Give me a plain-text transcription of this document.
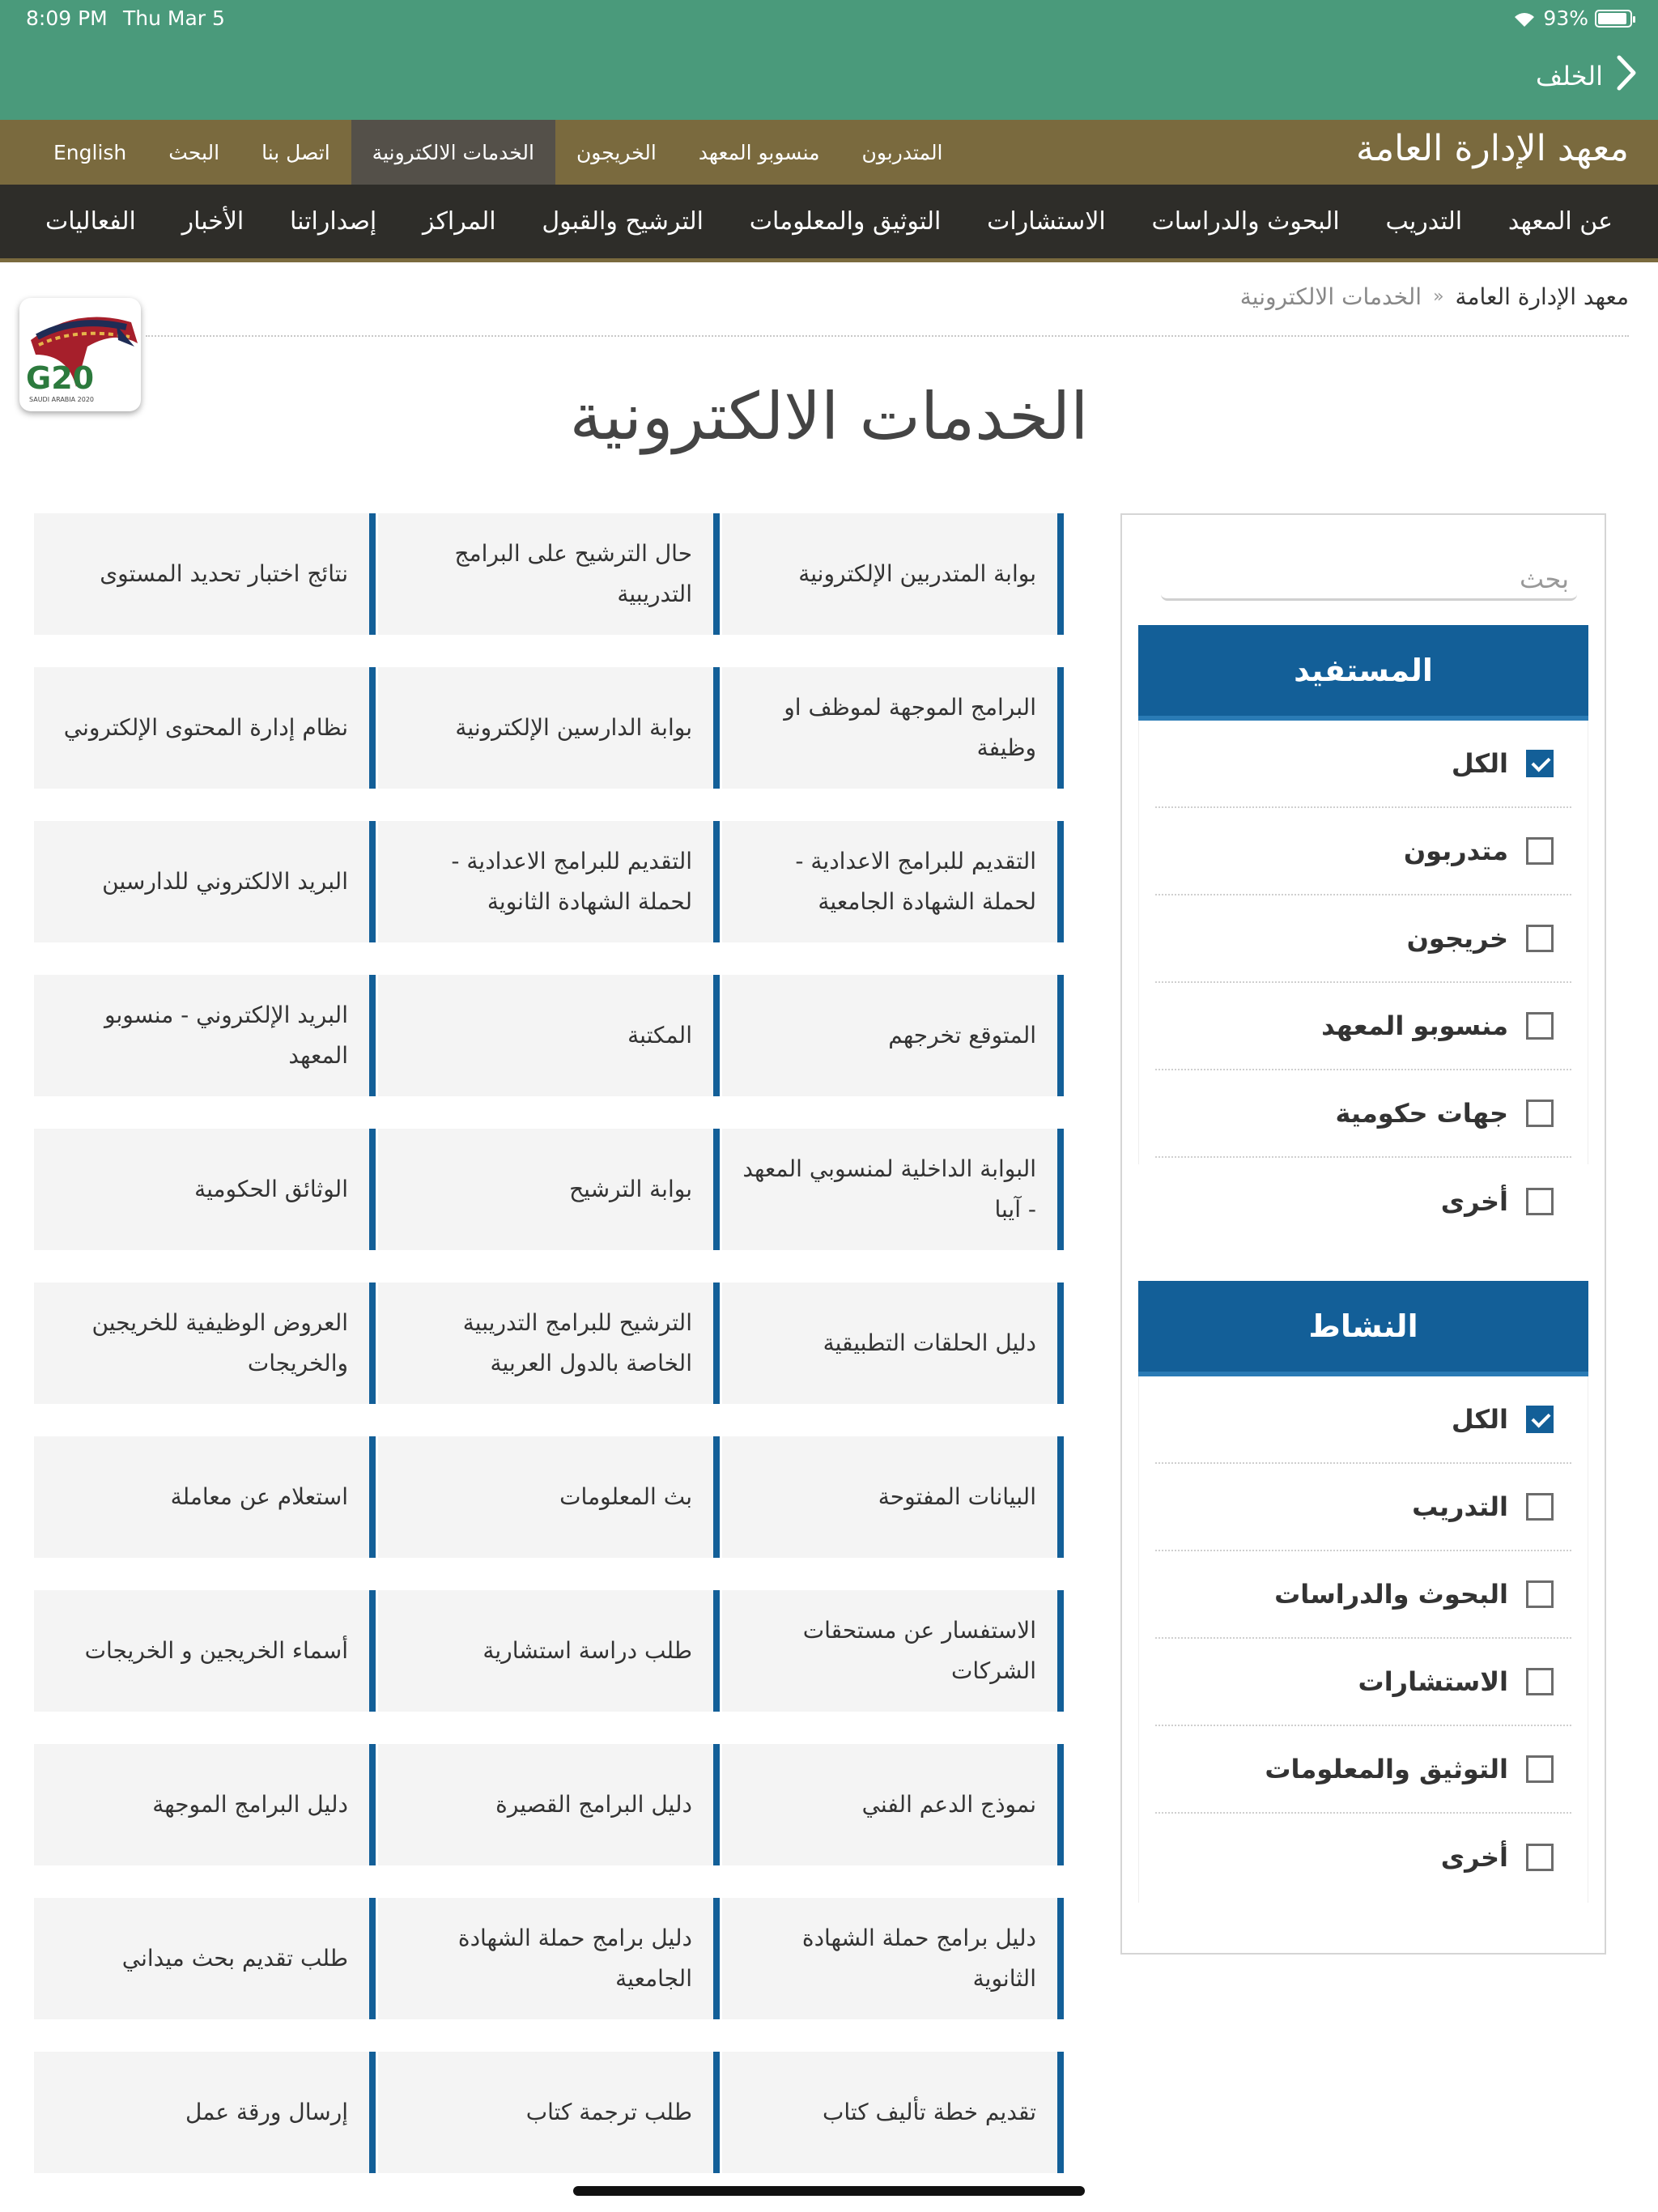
8:09 PM Thu Mar 5	93%
الخلف
معهد الإدارة العامة
المتدربون
منسوبو المعهد
الخريجون
الخدمات الالكترونية
اتصل بنا
البحث
English
عن المعهد
التدريب
البحوث والدراسات
الاستشارات
التوثيق والمعلومات
الترشيح والقبول
المراكز
إصداراتنا
الأخبار
الفعاليات
معهد الإدارة العامة
»
الخدمات الالكترونية
G20
SAUDI ARABIA 2020	الخدمات الالكترونية
بحث
المستفيد
الكل
متدربون
خريجون
منسوبو المعهد
جهات حكومية
أخرى
النشاط
الكل
التدريب
البحوث والدراسات
الاستشارات
التوثيق والمعلومات
أخرى
بوابة المتدربين الإلكترونية
حال الترشيح على البرامج التدريبية
نتائج اختبار تحديد المستوى
البرامج الموجهة لموظف او وظيفة
بوابة الدارسين الإلكترونية
نظام إدارة المحتوى الإلكتروني
التقديم للبرامج الاعدادية - لحملة الشهادة الجامعية
التقديم للبرامج الاعدادية - لحملة الشهادة الثانوية
البريد الالكتروني للدارسين
المتوقع تخرجهم
المكتبة
البريد الإلكتروني - منسوبو المعهد
البوابة الداخلية لمنسوبي المعهد - آيبا
بوابة الترشيح
الوثائق الحكومية
دليل الحلقات التطبيقية
الترشيح للبرامج التدريبية الخاصة بالدول العربية
العروض الوظيفية للخريجين والخريجات
البيانات المفتوحة
بث المعلومات
استعلام عن معاملة
الاستفسار عن مستحقات الشركات
طلب دراسة استشارية
أسماء الخريجين و الخريجات
نموذج الدعم الفني
دليل البرامج القصيرة
دليل البرامج الموجهة
دليل برامج حملة الشهادة الثانوية
دليل برامج حملة الشهادة الجامعية
طلب تقديم بحث ميداني
تقديم خطة تأليف كتاب
طلب ترجمة كتاب
إرسال ورقة عمل
